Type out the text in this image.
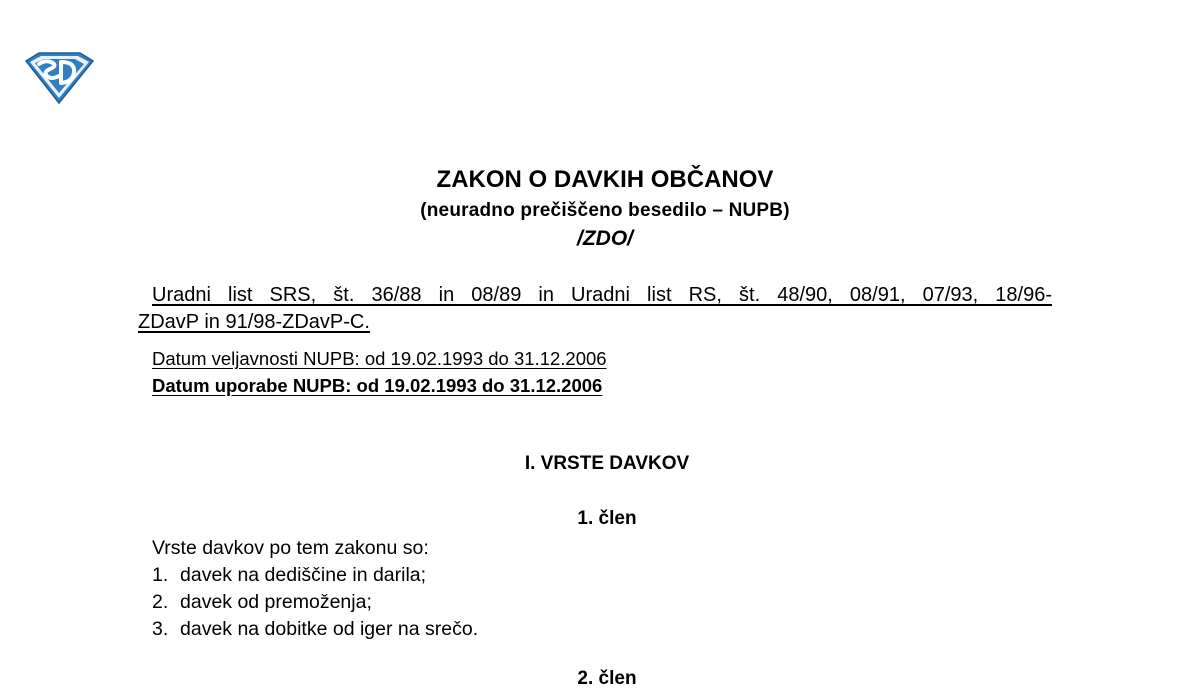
ZAKON O DAVKIH OBČANOV
(neuradno prečiščeno besedilo – NUPB)
/ZDO/
Uradni list SRS, št. 36/88 in 08/89 in Uradni list RS, št. 48/90, 08/91, 07/93, 18/96-
ZDavP in 91/98-ZDavP-C.
Datum veljavnosti NUPB: od 19.02.1993 do 31.12.2006
Datum uporabe NUPB: od 19.02.1993 do 31.12.2006
I. VRSTE DAVKOV
1. člen
Vrste davkov po tem zakonu so:
1. davek na dediščine in darila;
2. davek od premoženja;
3. davek na dobitke od iger na srečo.
2. člen
